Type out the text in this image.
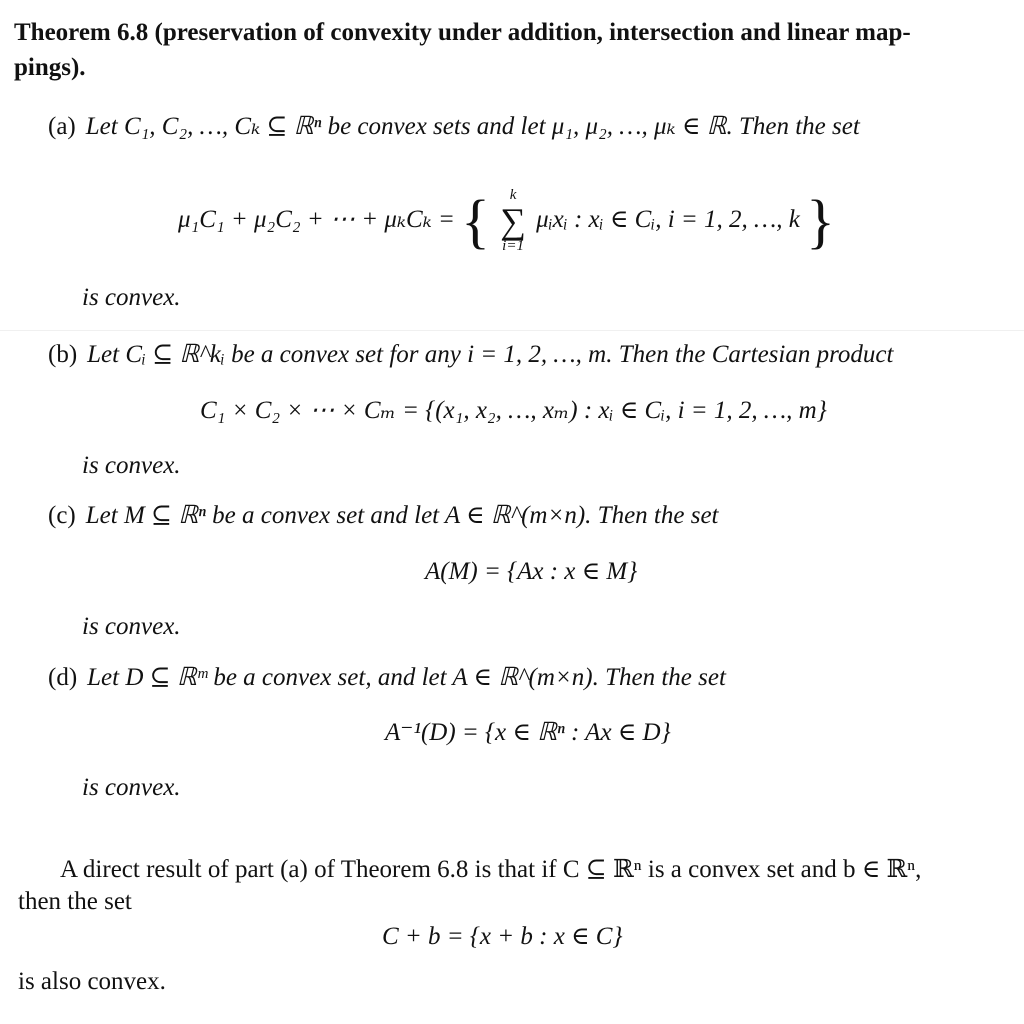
Theorem 6.8 (preservation of convexity under addition, intersection and linear map-
pings).
(a) Let C₁, C₂, …, Cₖ ⊆ ℝⁿ be convex sets and let μ₁, μ₂, …, μₖ ∈ ℝ. Then the set
μ₁C₁ + μ₂C₂ + ⋯ + μₖCₖ = { k
∑
i=1
μᵢxᵢ : xᵢ ∈ Cᵢ, i = 1, 2, …, k }
is convex.
(b) Let Cᵢ ⊆ ℝ^kᵢ be a convex set for any i = 1, 2, …, m. Then the Cartesian product
C₁ × C₂ × ⋯ × Cₘ = {(x₁, x₂, …, xₘ) : xᵢ ∈ Cᵢ, i = 1, 2, …, m}
is convex.
(c) Let M ⊆ ℝⁿ be a convex set and let A ∈ ℝ^(m×n). Then the set
A(M) = {Ax : x ∈ M}
is convex.
(d) Let D ⊆ ℝᵐ be a convex set, and let A ∈ ℝ^(m×n). Then the set
A⁻¹(D) = {x ∈ ℝⁿ : Ax ∈ D}
is convex.
A direct result of part (a) of Theorem 6.8 is that if C ⊆ ℝⁿ is a convex set and b ∈ ℝⁿ,
then the set
C + b = {x + b : x ∈ C}
is also convex.
